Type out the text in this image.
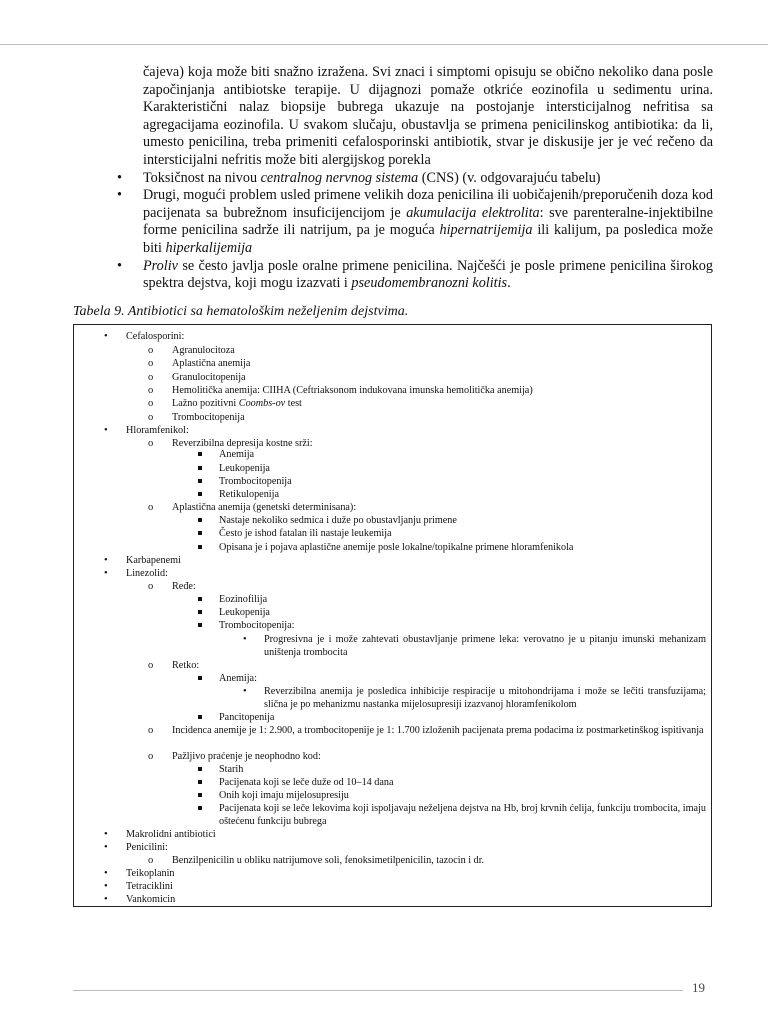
čajeva) koja može biti snažno izražena. Svi znaci i simptomi opisuju se obično nekoliko dana posle započinjanja antibiotske terapije. U dijagnozi pomaže otkriće eozinofila u sedimentu urina. Karakteristični nalaz biopsije bubrega ukazuje na postojanje intersticijalnog nefritisa sa agregacijama eozinofila. U svakom slučaju, obustavlja se primena penicilinskog antibiotika: da li, umesto penicilina, treba primeniti cefalosporinski antibiotik, stvar je diskusije jer je već rečeno da intersticijalni nefritis može biti alergijskog porekla

• Toksičnost na nivou centralnog nervnog sistema (CNS) (v. odgovarajuću tabelu)

• Drugi, mogući problem usled primene velikih doza penicilina ili uobičajenih/preporučenih doza kod pacijenata sa bubrežnom insuficijencijom je akumulacija elektrolita: sve parenteralne-injektibilne forme penicilina sadrže ili natrijum, pa je moguća hipernatrijemija ili kalijum, pa posledica može biti hiperkalijemija

• Proliv se često javlja posle oralne primene penicilina. Najčešći je posle primene penicilina širokog spektra dejstva, koji mogu izazvati i pseudomembranozni kolitis.

Tabela 9. Antibiotici sa hematološkim neželjenim dejstvima.
• Cefalosporini:
o Agranulocitoza
o Aplastična anemija
o Granulocitopenija
o Hemolitička anemija: CIIHA (Ceftriaksonom indukovana imunska hemolitička anemija)
o Lažno pozitivni Coombs-ov test
o Trombocitopenija
• Hloramfenikol:
o Reverzibilna depresija kostne srži:
Anemija
Leukopenija
Trombocitopenija
Retikulopenija
o Aplastična anemija (genetski determinisana):
Nastaje nekoliko sedmica i duže po obustavljanju primene
Često je ishod fatalan ili nastaje leukemija
Opisana je i pojava aplastične anemije posle lokalne/topikalne primene hloramfenikola
• Karbapenemi
• Linezolid:
o Ređe:
Eozinofilija
Leukopenija
Trombocitopenija:
• Progresivna je i može zahtevati obustavljanje primene leka: verovatno je u pitanju imunski mehanizam uništenja trombocita
o Retko:
Anemija:
• Reverzibilna anemija je posledica inhibicije respiracije u mitohondrijama i može se lečiti transfuzijama; slična je po mehanizmu nastanka mijelosupresiji izazvanoj hloramfenikolom
Pancitopenija
o Incidenca anemije je 1: 2.900, a trombocitopenije je 1: 1.700 izloženih pacijenata prema podacima iz postmarketinškog ispitivanja
o Pažljivo praćenje je neophodno kod:
Starih
Pacijenata koji se leče duže od 10–14 dana
Onih koji imaju mijelosupresiju
Pacijenata koji se leče lekovima koji ispoljavaju neželjena dejstva na Hb, broj krvnih ćelija, funkciju trombocita, imaju oštećenu funkciju bubrega
• Makrolidni antibiotici
• Penicilini:
o Benzilpenicilin u obliku natrijumove soli, fenoksimetilpenicilin, tazocin i dr.
• Teikoplanin
• Tetraciklini
• Vankomicin
19
